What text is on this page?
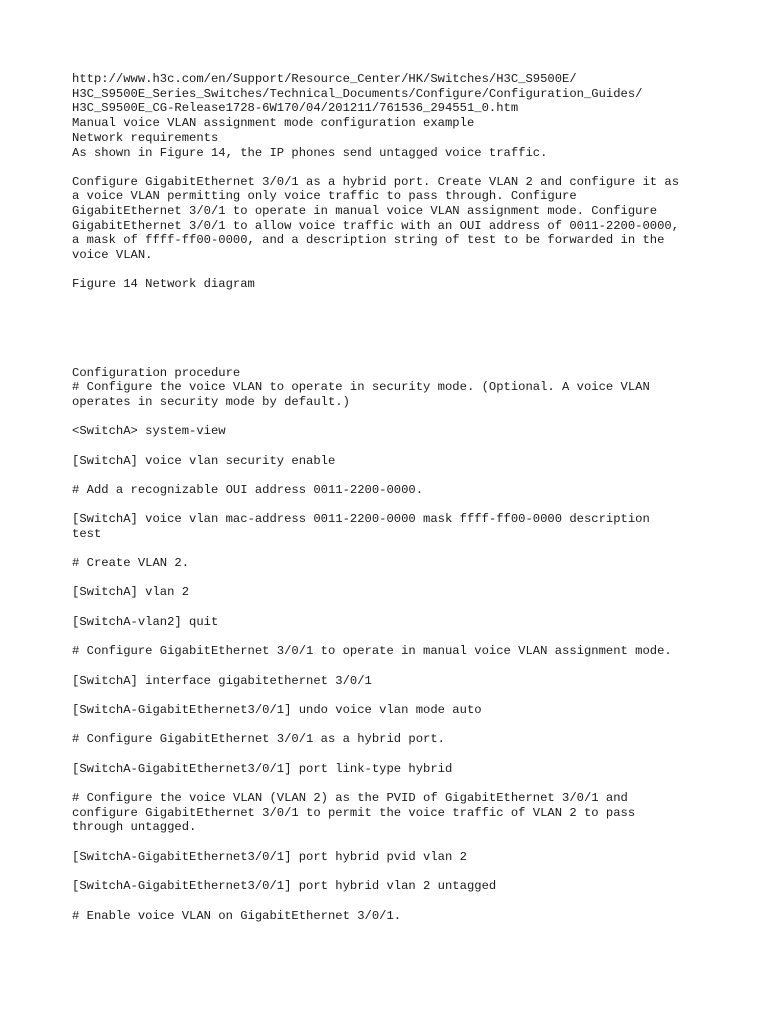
http://www.h3c.com/en/Support/Resource_Center/HK/Switches/H3C_S9500E/
H3C_S9500E_Series_Switches/Technical_Documents/Configure/Configuration_Guides/
H3C_S9500E_CG-Release1728-6W170/04/201211/761536_294551_0.htm
Manual voice VLAN assignment mode configuration example
Network requirements
As shown in Figure 14, the IP phones send untagged voice traffic.
Configure GigabitEthernet 3/0/1 as a hybrid port. Create VLAN 2 and configure it as
a voice VLAN permitting only voice traffic to pass through. Configure
GigabitEthernet 3/0/1 to operate in manual voice VLAN assignment mode. Configure
GigabitEthernet 3/0/1 to allow voice traffic with an OUI address of 0011-2200-0000,
a mask of ffff-ff00-0000, and a description string of test to be forwarded in the
voice VLAN.
Figure 14 Network diagram
Configuration procedure
# Configure the voice VLAN to operate in security mode. (Optional. A voice VLAN
operates in security mode by default.)
<SwitchA> system-view
[SwitchA] voice vlan security enable
# Add a recognizable OUI address 0011-2200-0000.
[SwitchA] voice vlan mac-address 0011-2200-0000 mask ffff-ff00-0000 description
test
# Create VLAN 2.
[SwitchA] vlan 2
[SwitchA-vlan2] quit
# Configure GigabitEthernet 3/0/1 to operate in manual voice VLAN assignment mode.
[SwitchA] interface gigabitethernet 3/0/1
[SwitchA-GigabitEthernet3/0/1] undo voice vlan mode auto
# Configure GigabitEthernet 3/0/1 as a hybrid port.
[SwitchA-GigabitEthernet3/0/1] port link-type hybrid
# Configure the voice VLAN (VLAN 2) as the PVID of GigabitEthernet 3/0/1 and
configure GigabitEthernet 3/0/1 to permit the voice traffic of VLAN 2 to pass
through untagged.
[SwitchA-GigabitEthernet3/0/1] port hybrid pvid vlan 2
[SwitchA-GigabitEthernet3/0/1] port hybrid vlan 2 untagged
# Enable voice VLAN on GigabitEthernet 3/0/1.
